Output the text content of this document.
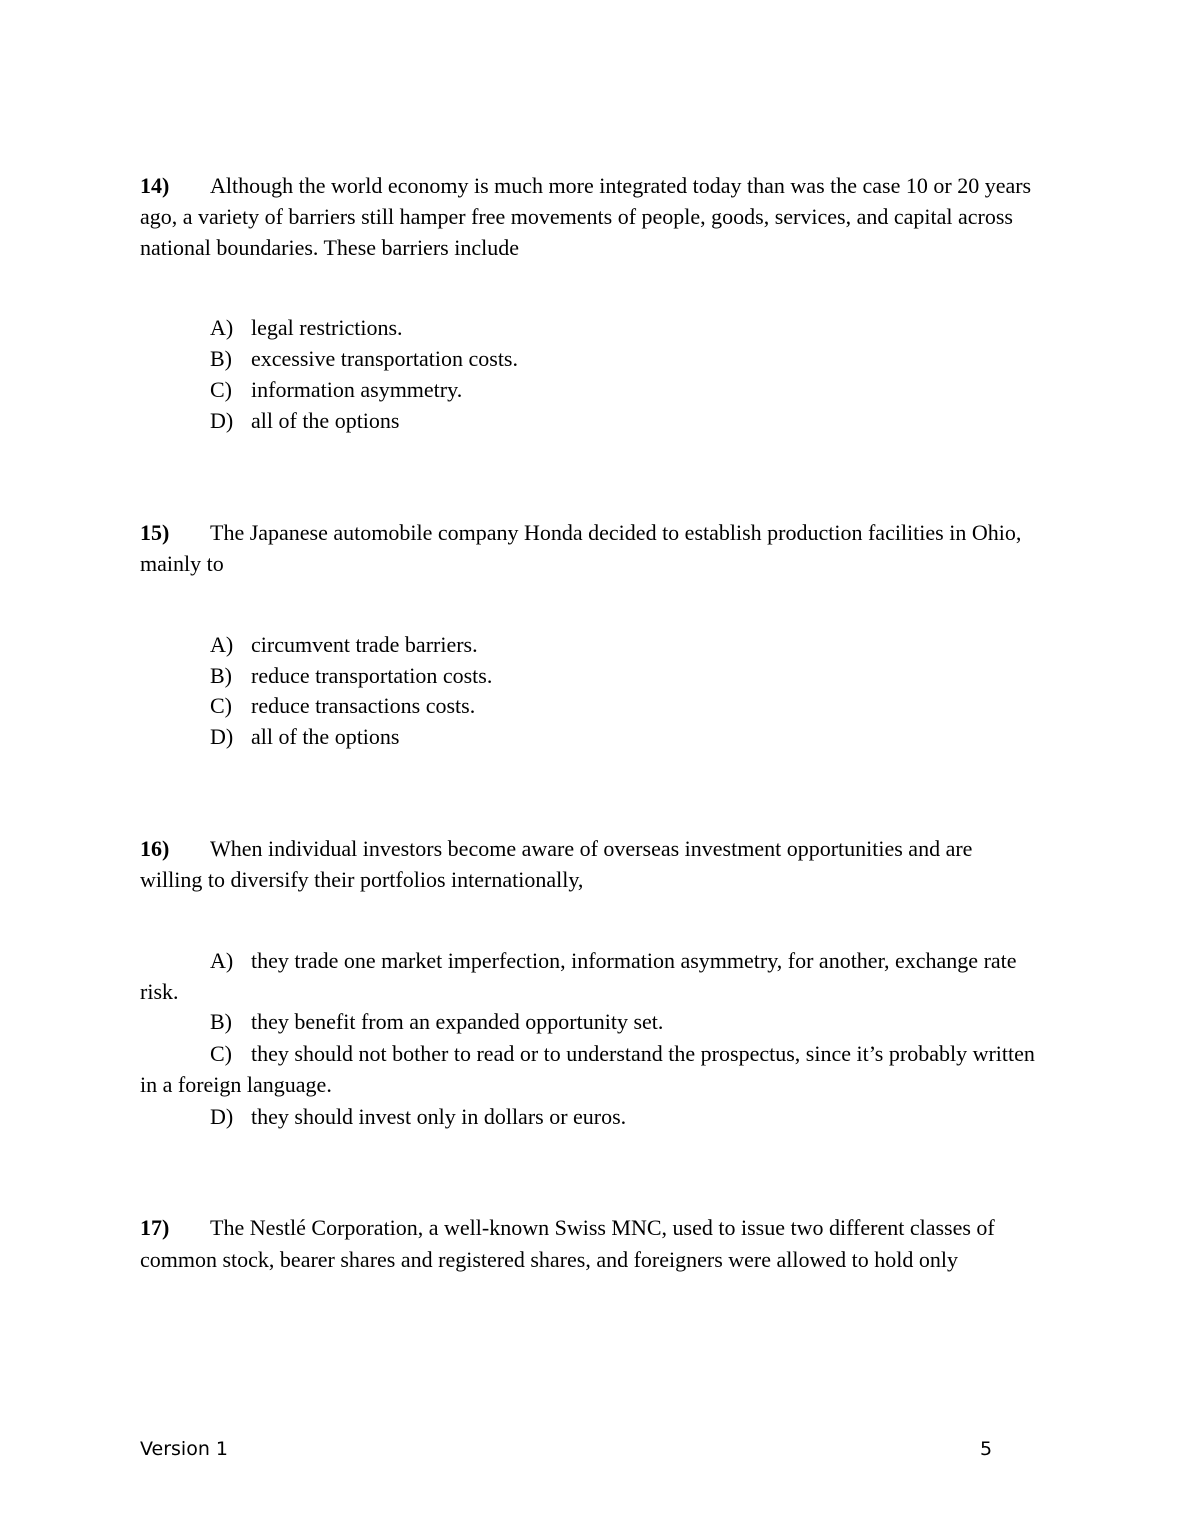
14) Although the world economy is much more integrated today than was the case 10 or 20 years ago, a variety of barriers still hamper free movements of people, goods, services, and capital across national boundaries. These barriers include
A) legal restrictions.
B) excessive transportation costs.
C) information asymmetry.
D) all of the options
15) The Japanese automobile company Honda decided to establish production facilities in Ohio, mainly to
A) circumvent trade barriers.
B) reduce transportation costs.
C) reduce transactions costs.
D) all of the options
16) When individual investors become aware of overseas investment opportunities and are willing to diversify their portfolios internationally,
A) they trade one market imperfection, information asymmetry, for another, exchange rate risk.
B) they benefit from an expanded opportunity set.
C) they should not bother to read or to understand the prospectus, since it’s probably written in a foreign language.
D) they should invest only in dollars or euros.
17) The Nestlé Corporation, a well-known Swiss MNC, used to issue two different classes of common stock, bearer shares and registered shares, and foreigners were allowed to hold only
Version 1	5
